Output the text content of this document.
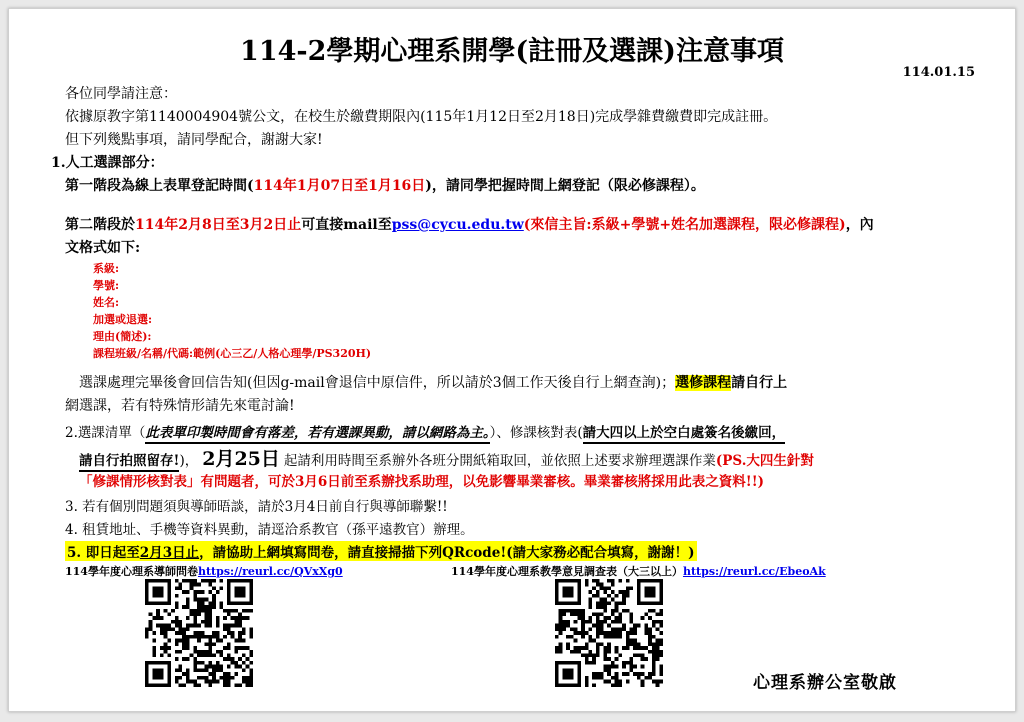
114-2學期心理系開學(註冊及選課)注意事項
114.01.15
各位同學請注意：
依據原教字第1140004904號公文，在校生於繳費期限內(115年1月12日至2月18日)完成學雜費繳費即完成註冊。
但下列幾點事項，請同學配合，謝謝大家!
1.人工選課部分：
第一階段為線上表單登記時間(114年1月07日至1月16日)，請同學把握時間上網登記（限必修課程）。
第二階段於114年2月8日至3月2日止可直接mail至pss@cycu.edu.tw(來信主旨:系級+學號+姓名加選課程，限必修課程)，內
文格式如下:
系級:
學號:
姓名:
加選或退選:
理由(簡述):
課程班級/名稱/代碼:範例(心三乙/人格心理學/PS320H)
選課處理完畢後會回信告知(但因g-mail會退信中原信件，所以請於3個工作天後自行上網查詢)；選修課程請自行上
網選課，若有特殊情形請先來電討論!
2.選課清單（此表單印製時間會有落差，若有選課異動，請以網路為主。）、修課核對表(請大四以上於空白處簽名後繳回，
請自行拍照留存!)， 2月25日 起請利用時間至系辦外各班分開紙箱取回，並依照上述要求辦理選課作業(PS.大四生針對
「修課情形核對表」有問題者，可於3月6日前至系辦找系助理，以免影響畢業審核。畢業審核將採用此表之資料!!)
3. 若有個別問題須與導師晤談，請於3月4日前自行與導師聯繫!!
4. 租賃地址、手機等資料異動，請逕洽系教官（孫平遠教官）辦理。
5. 即日起至2月3日止，請協助上網填寫問卷，請直接掃描下列QRcode!(請大家務必配合填寫，謝謝！)
114學年度心理系導師問卷https://reurl.cc/QVxXg0	114學年度心理系教學意見調查表（大三以上）https://reurl.cc/EbeoAk
心理系辦公室敬啟
